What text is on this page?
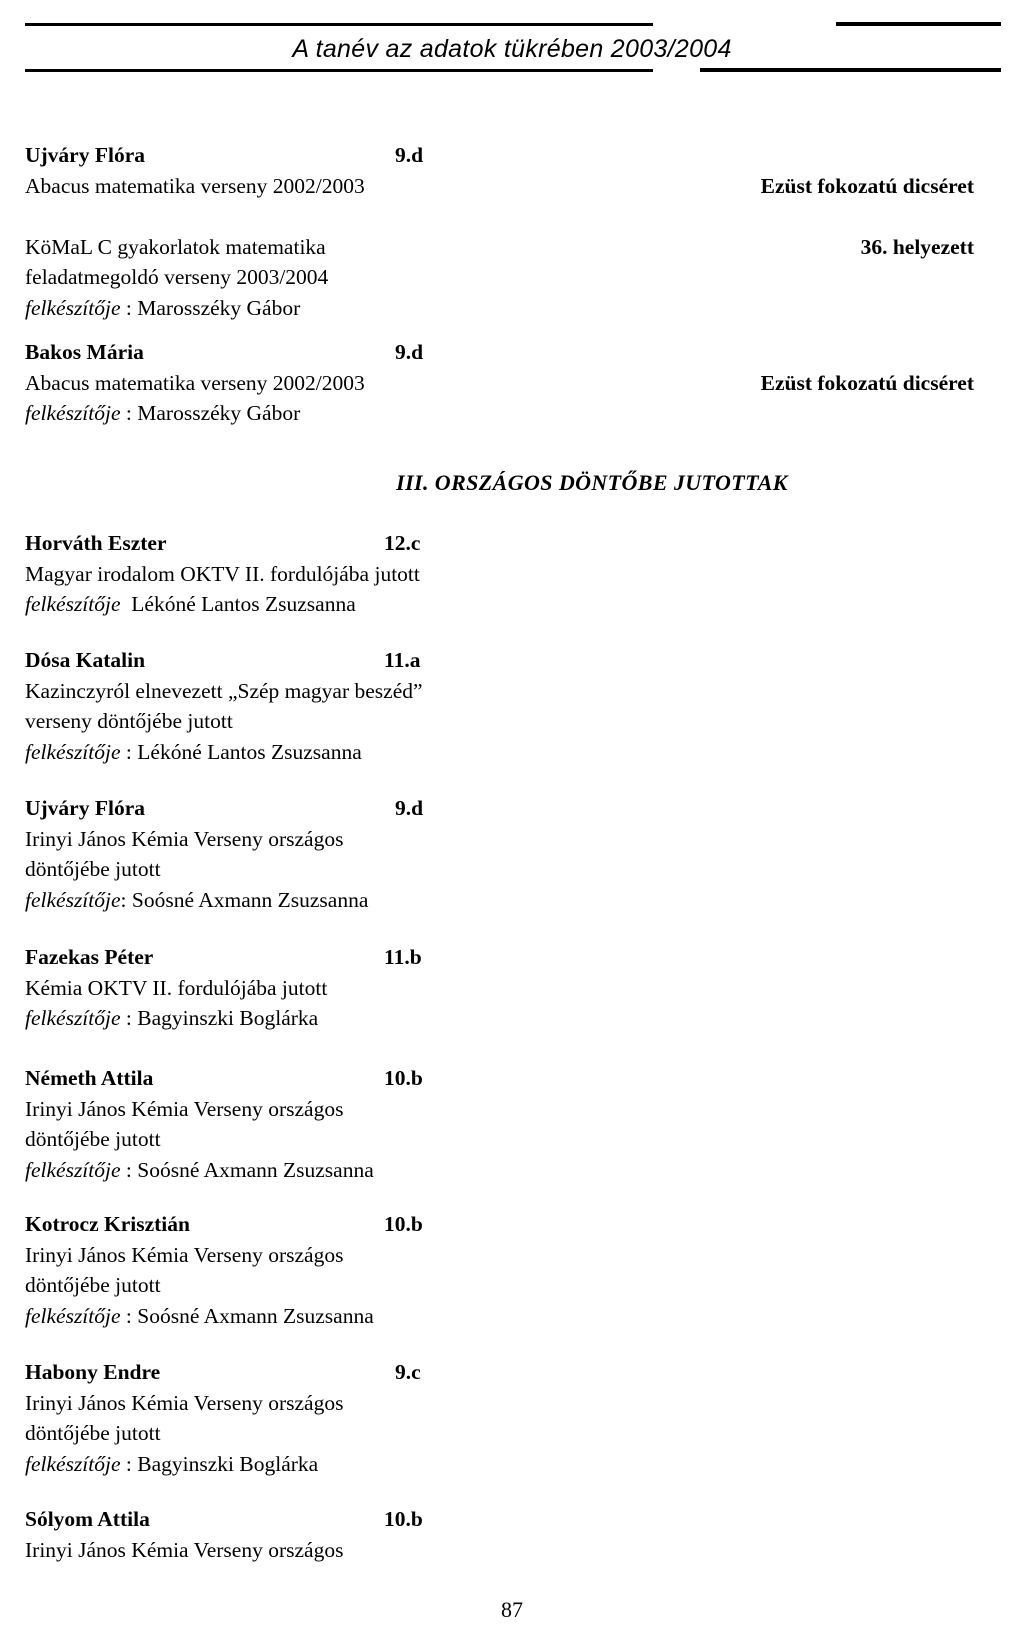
A tanév az adatok tükrében 2003/2004
Ujváry Flóra	9.d
Abacus matematika verseny 2002/2003	Ezüst fokozatú dicséret
KöMaL C gyakorlatok matematika	36. helyezett
feladatmegoldó verseny 2003/2004
felkészítője : Marosszéky Gábor
Bakos Mária	9.d
Abacus matematika verseny 2002/2003	Ezüst fokozatú dicséret
felkészítője : Marosszéky Gábor
III. ORSZÁGOS DÖNTŐBE JUTOTTAK
Horváth Eszter	12.c
Magyar irodalom OKTV II. fordulójába jutott
felkészítője Lékóné Lantos Zsuzsanna
Dósa Katalin	11.a
Kazinczyról elnevezett „Szép magyar beszéd”
verseny döntőjébe jutott
felkészítője : Lékóné Lantos Zsuzsanna
Ujváry Flóra	9.d
Irinyi János Kémia Verseny országos
döntőjébe jutott
felkészítője: Soósné Axmann Zsuzsanna
Fazekas Péter	11.b
Kémia OKTV II. fordulójába jutott
felkészítője : Bagyinszki Boglárka
Németh Attila	10.b
Irinyi János Kémia Verseny országos
döntőjébe jutott
felkészítője : Soósné Axmann Zsuzsanna
Kotrocz Krisztián	10.b
Irinyi János Kémia Verseny országos
döntőjébe jutott
felkészítője : Soósné Axmann Zsuzsanna
Habony Endre	9.c
Irinyi János Kémia Verseny országos
döntőjébe jutott
felkészítője : Bagyinszki Boglárka
Sólyom Attila	10.b
Irinyi János Kémia Verseny országos
87
